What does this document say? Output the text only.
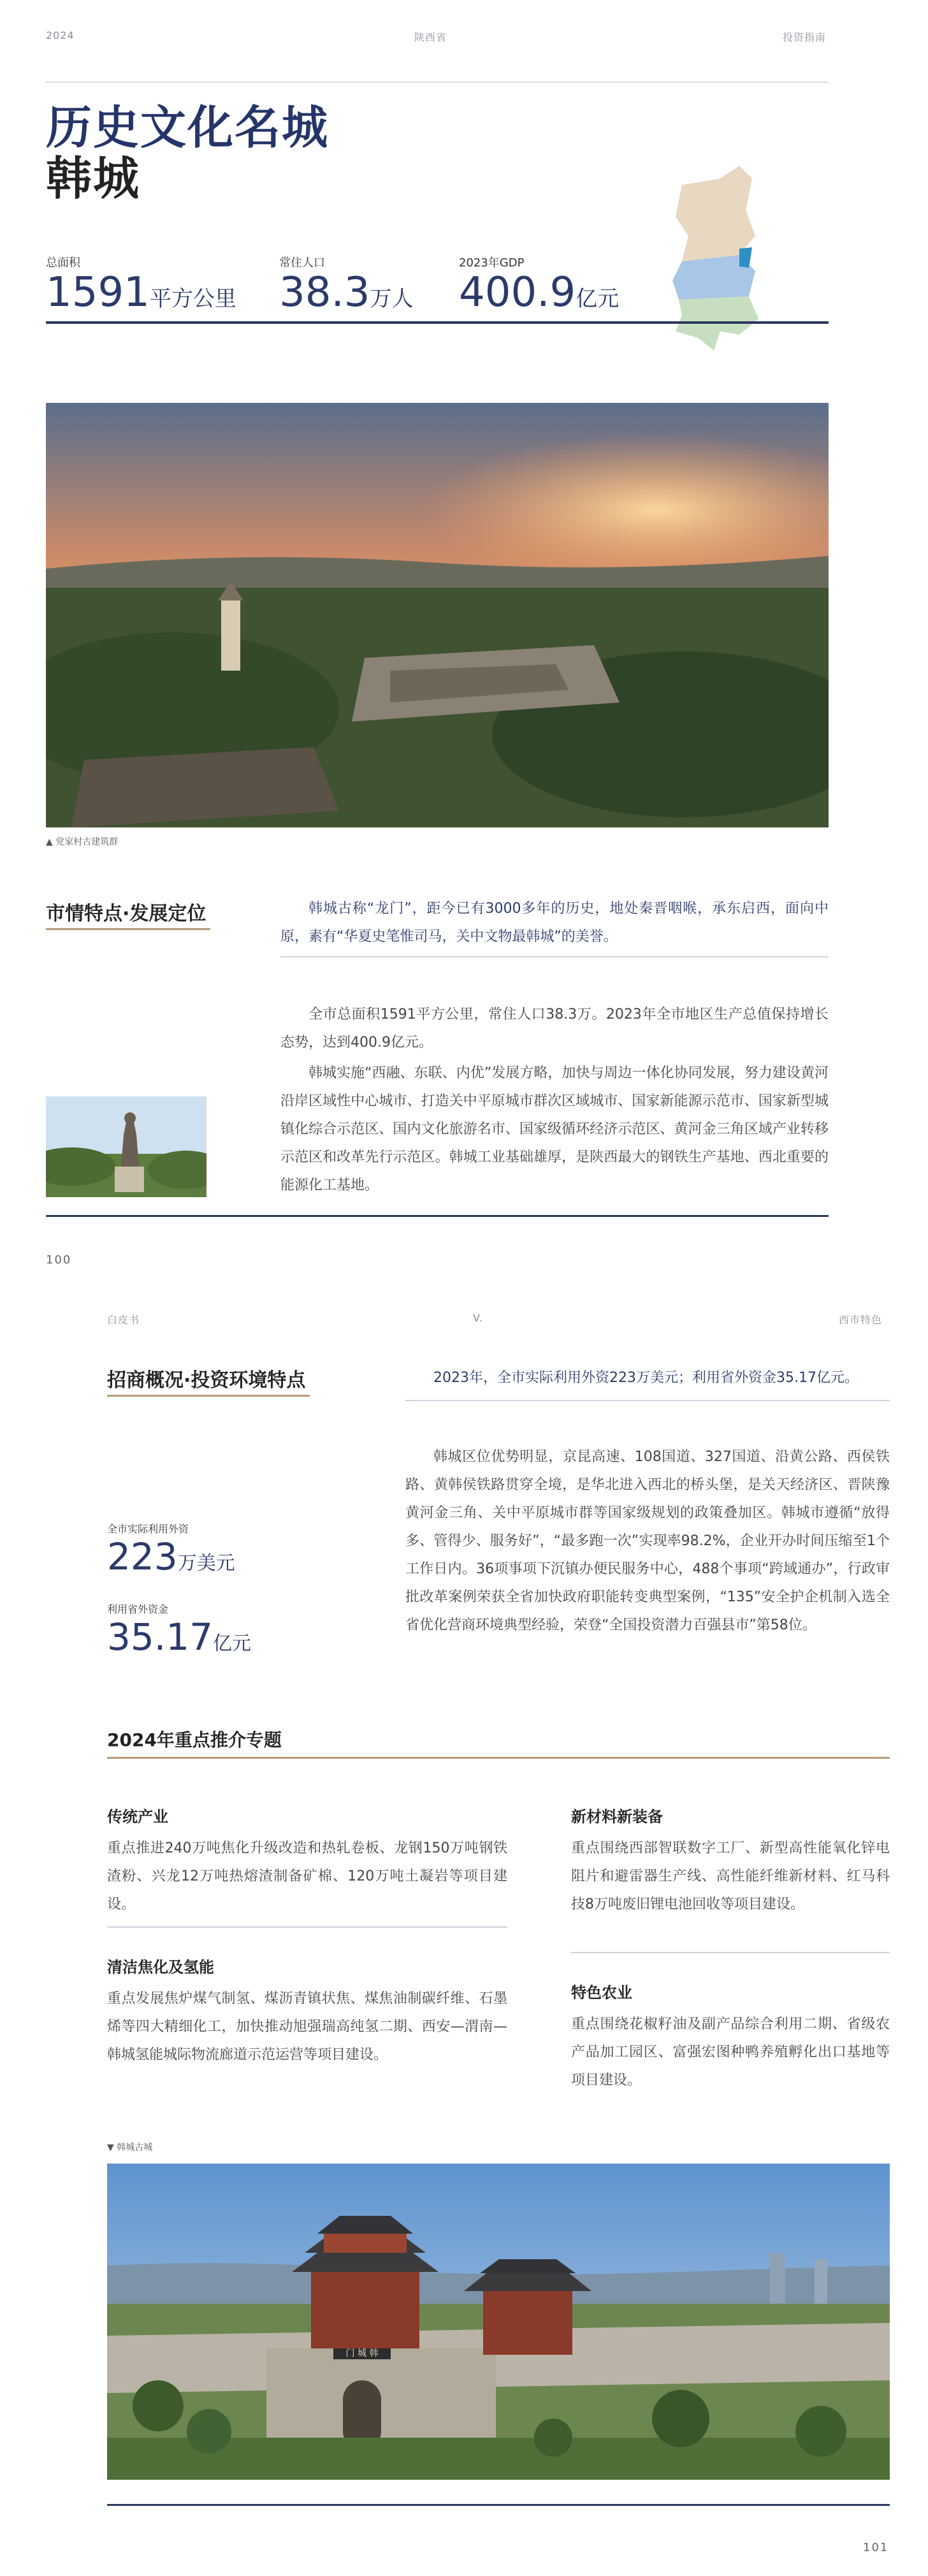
2024	陕西省	投资指南
历史文化名城
韩城
总面积
1591平方公里
常住人口
38.3万人
2023年GDP
400.9亿元
▲ 党家村古建筑群
市情特点·发展定位	韩城古称“龙门”，距今已有3000多年的历史，地处秦晋咽喉，承东启西，面向中原，素有“华夏史笔惟司马，关中文物最韩城”的美誉。
全市总面积1591平方公里，常住人口38.3万。2023年全市地区生产总值保持增长态势，达到400.9亿元。
韩城实施“西融、东联、内优”发展方略，加快与周边一体化协同发展，努力建设黄河沿岸区域性中心城市、打造关中平原城市群次区域城市、国家新能源示范市、国家新型城镇化综合示范区、国内文化旅游名市、国家级循环经济示范区、黄河金三角区域产业转移示范区和改革先行示范区。韩城工业基础雄厚，是陕西最大的钢铁生产基地、西北重要的能源化工基地。
100
白皮书	V.	西市特色
招商概况·投资环境特点	2023年，全市实际利用外资223万美元；利用省外资金35.17亿元。
韩城区位优势明显，京昆高速、108国道、327国道、沿黄公路、西侯铁路、黄韩侯铁路贯穿全境，是华北进入西北的桥头堡，是关天经济区、晋陕豫黄河金三角、关中平原城市群等国家级规划的政策叠加区。韩城市遵循“放得多、管得少、服务好”，“最多跑一次”实现率98.2%，企业开办时间压缩至1个工作日内。36项事项下沉镇办便民服务中心，488个事项“跨域通办”，行政审批改革案例荣获全省加快政府职能转变典型案例，“135”安全护企机制入选全省优化营商环境典型经验，荣登“全国投资潜力百强县市”第58位。
全市实际利用外资
223万美元
利用省外资金
35.17亿元
2024年重点推介专题
传统产业
重点推进240万吨焦化升级改造和热轧卷板、龙钢150万吨钢铁渣粉、兴龙12万吨热熔渣制备矿棉、120万吨土凝岩等项目建设。
新材料新装备
重点围绕西部智联数字工厂、新型高性能氧化锌电阻片和避雷器生产线、高性能纤维新材料、红马科技8万吨废旧锂电池回收等项目建设。
清洁焦化及氢能
重点发展焦炉煤气制氢、煤沥青镇状焦、煤焦油制碳纤维、石墨烯等四大精细化工，加快推动旭强瑞高纯氢二期、西安—渭南—韩城氢能城际物流廊道示范运营等项目建设。
特色农业
重点围绕花椒籽油及副产品综合利用二期、省级农产品加工园区、富强宏图种鸭养殖孵化出口基地等项目建设。
▼ 韩城古城
门 城 韩
101
